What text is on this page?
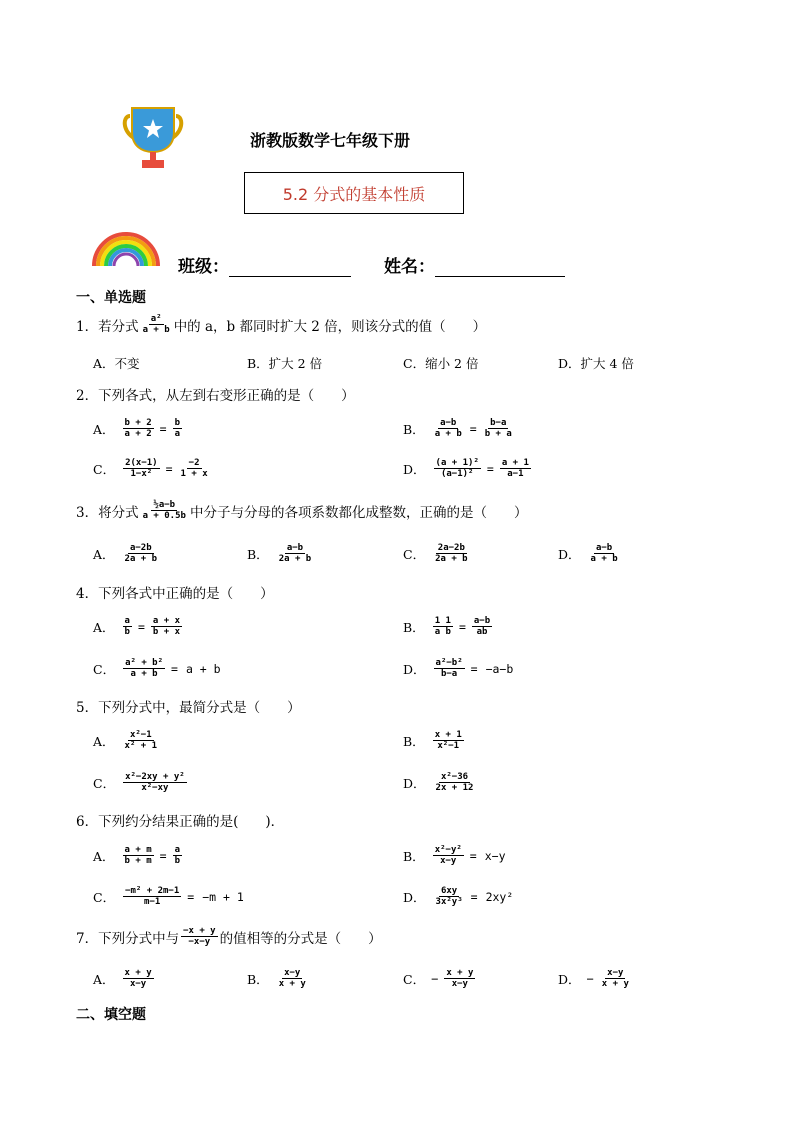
浙教版数学七年级下册
5.2 分式的基本性质
班级：	姓名：
一、单选题
1．若分式 $\frac{\text{a²}}{a + b}$ 中的 a，b 都同时扩大 2 倍，则该分式的值（　　）
A．不变	B．扩大 2 倍	C．缩小 2 倍	D．扩大 4 倍
2．下列各式，从左到右变形正确的是（　　）
A． $\frac{b + 2}{a + 2} = \frac{b}{a}$	B． $\frac{a-b}{a + b} = \frac{b-a}{b + a}$
C． $\frac{2(x-1)}{\text{1−x²}} = \frac{-2}{1 + x}$	D． $\frac{\text{(a + 1)²}}{\text{(a−1)²}} = \frac{a + 1}{a-1}$
3．将分式 $\frac{\text{½a−b}}{a + 0.5b}$ 中分子与分母的各项系数都化成整数，正确的是（　　）
A． $\frac{a-2b}{2a + b}$	B． $\frac{a-b}{2a + b}$	C． $\frac{2a-2b}{2a + b}$	D． $\frac{a-b}{a + b}$
4．下列各式中正确的是（　　）
A． $\frac{a}{b} = \frac{a + x}{b + x}$	B． $\frac{1 1}{\text{a b}} = \frac{a-b}{ab}$
C． $\frac{\text{a² + b²}}{a + b} = a + b$	D． $\frac{\text{a²−b²}}{b-a} = -a-b$
5．下列分式中，最简分式是（　　）
A． $\frac{\text{x²−1}}{\text{x² + 1}}$	B． $\frac{x + 1}{\text{x²−1}}$
C． $\frac{\text{x²−2xy + y²}}{\text{x²−xy}}$	D． $\frac{\text{x²−36}}{2x + 12}$
6．下列约分结果正确的是(　　)．
A． $\frac{a + m}{b + m} = \frac{a}{b}$	B． $\frac{\text{x²−y²}}{x-y} = x-y$
C． $\frac{\text{−m² + 2m−1}}{m-1} = -m + 1$	D． $\frac{6xy}{\text{3x²y³}} = 2xy^2$
7．下列分式中与 $\frac{-x + y}{-x-y}$ 的值相等的分式是（　　）
A． $\frac{x + y}{x-y}$	B． $\frac{x-y}{x + y}$	C． − $\frac{x + y}{x-y}$	D． − $\frac{x-y}{x + y}$
二、填空题
